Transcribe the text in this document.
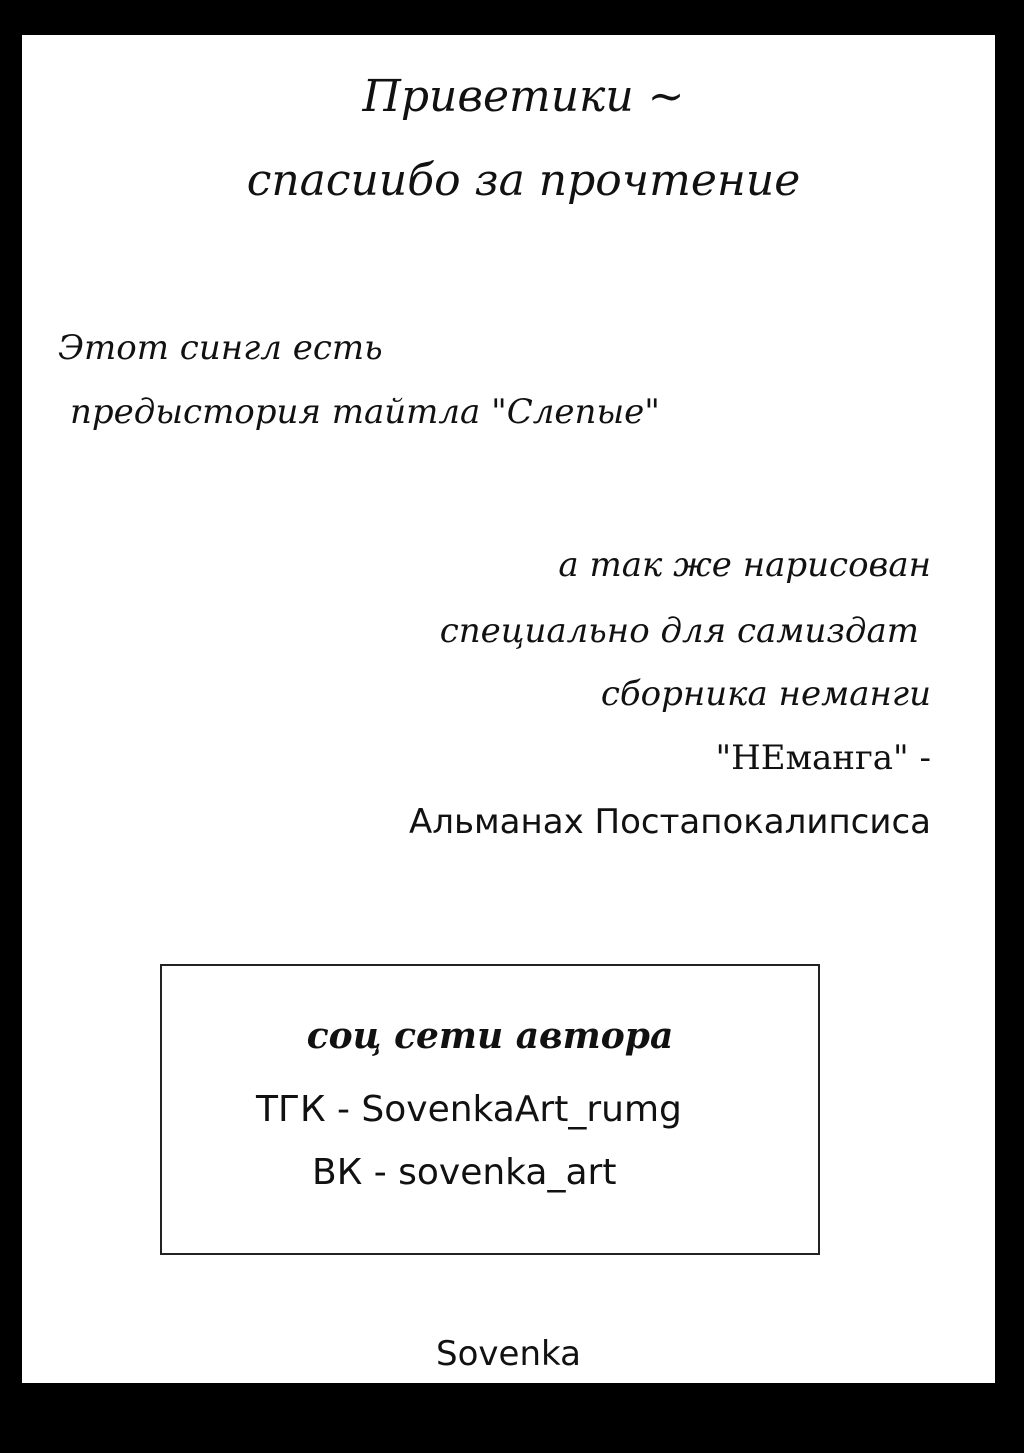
Приветики ~
спасиибо за прочтение
Этот сингл есть
предыстория тайтла "Слепые"
а так же нарисован
специально для самиздат
сборника неманги
"НЕманга" -
Альманах Постапокалипсиса
соц сети автора
ТГК - SovenkaArt_rumg
ВК - sovenka_art
Sovenka
